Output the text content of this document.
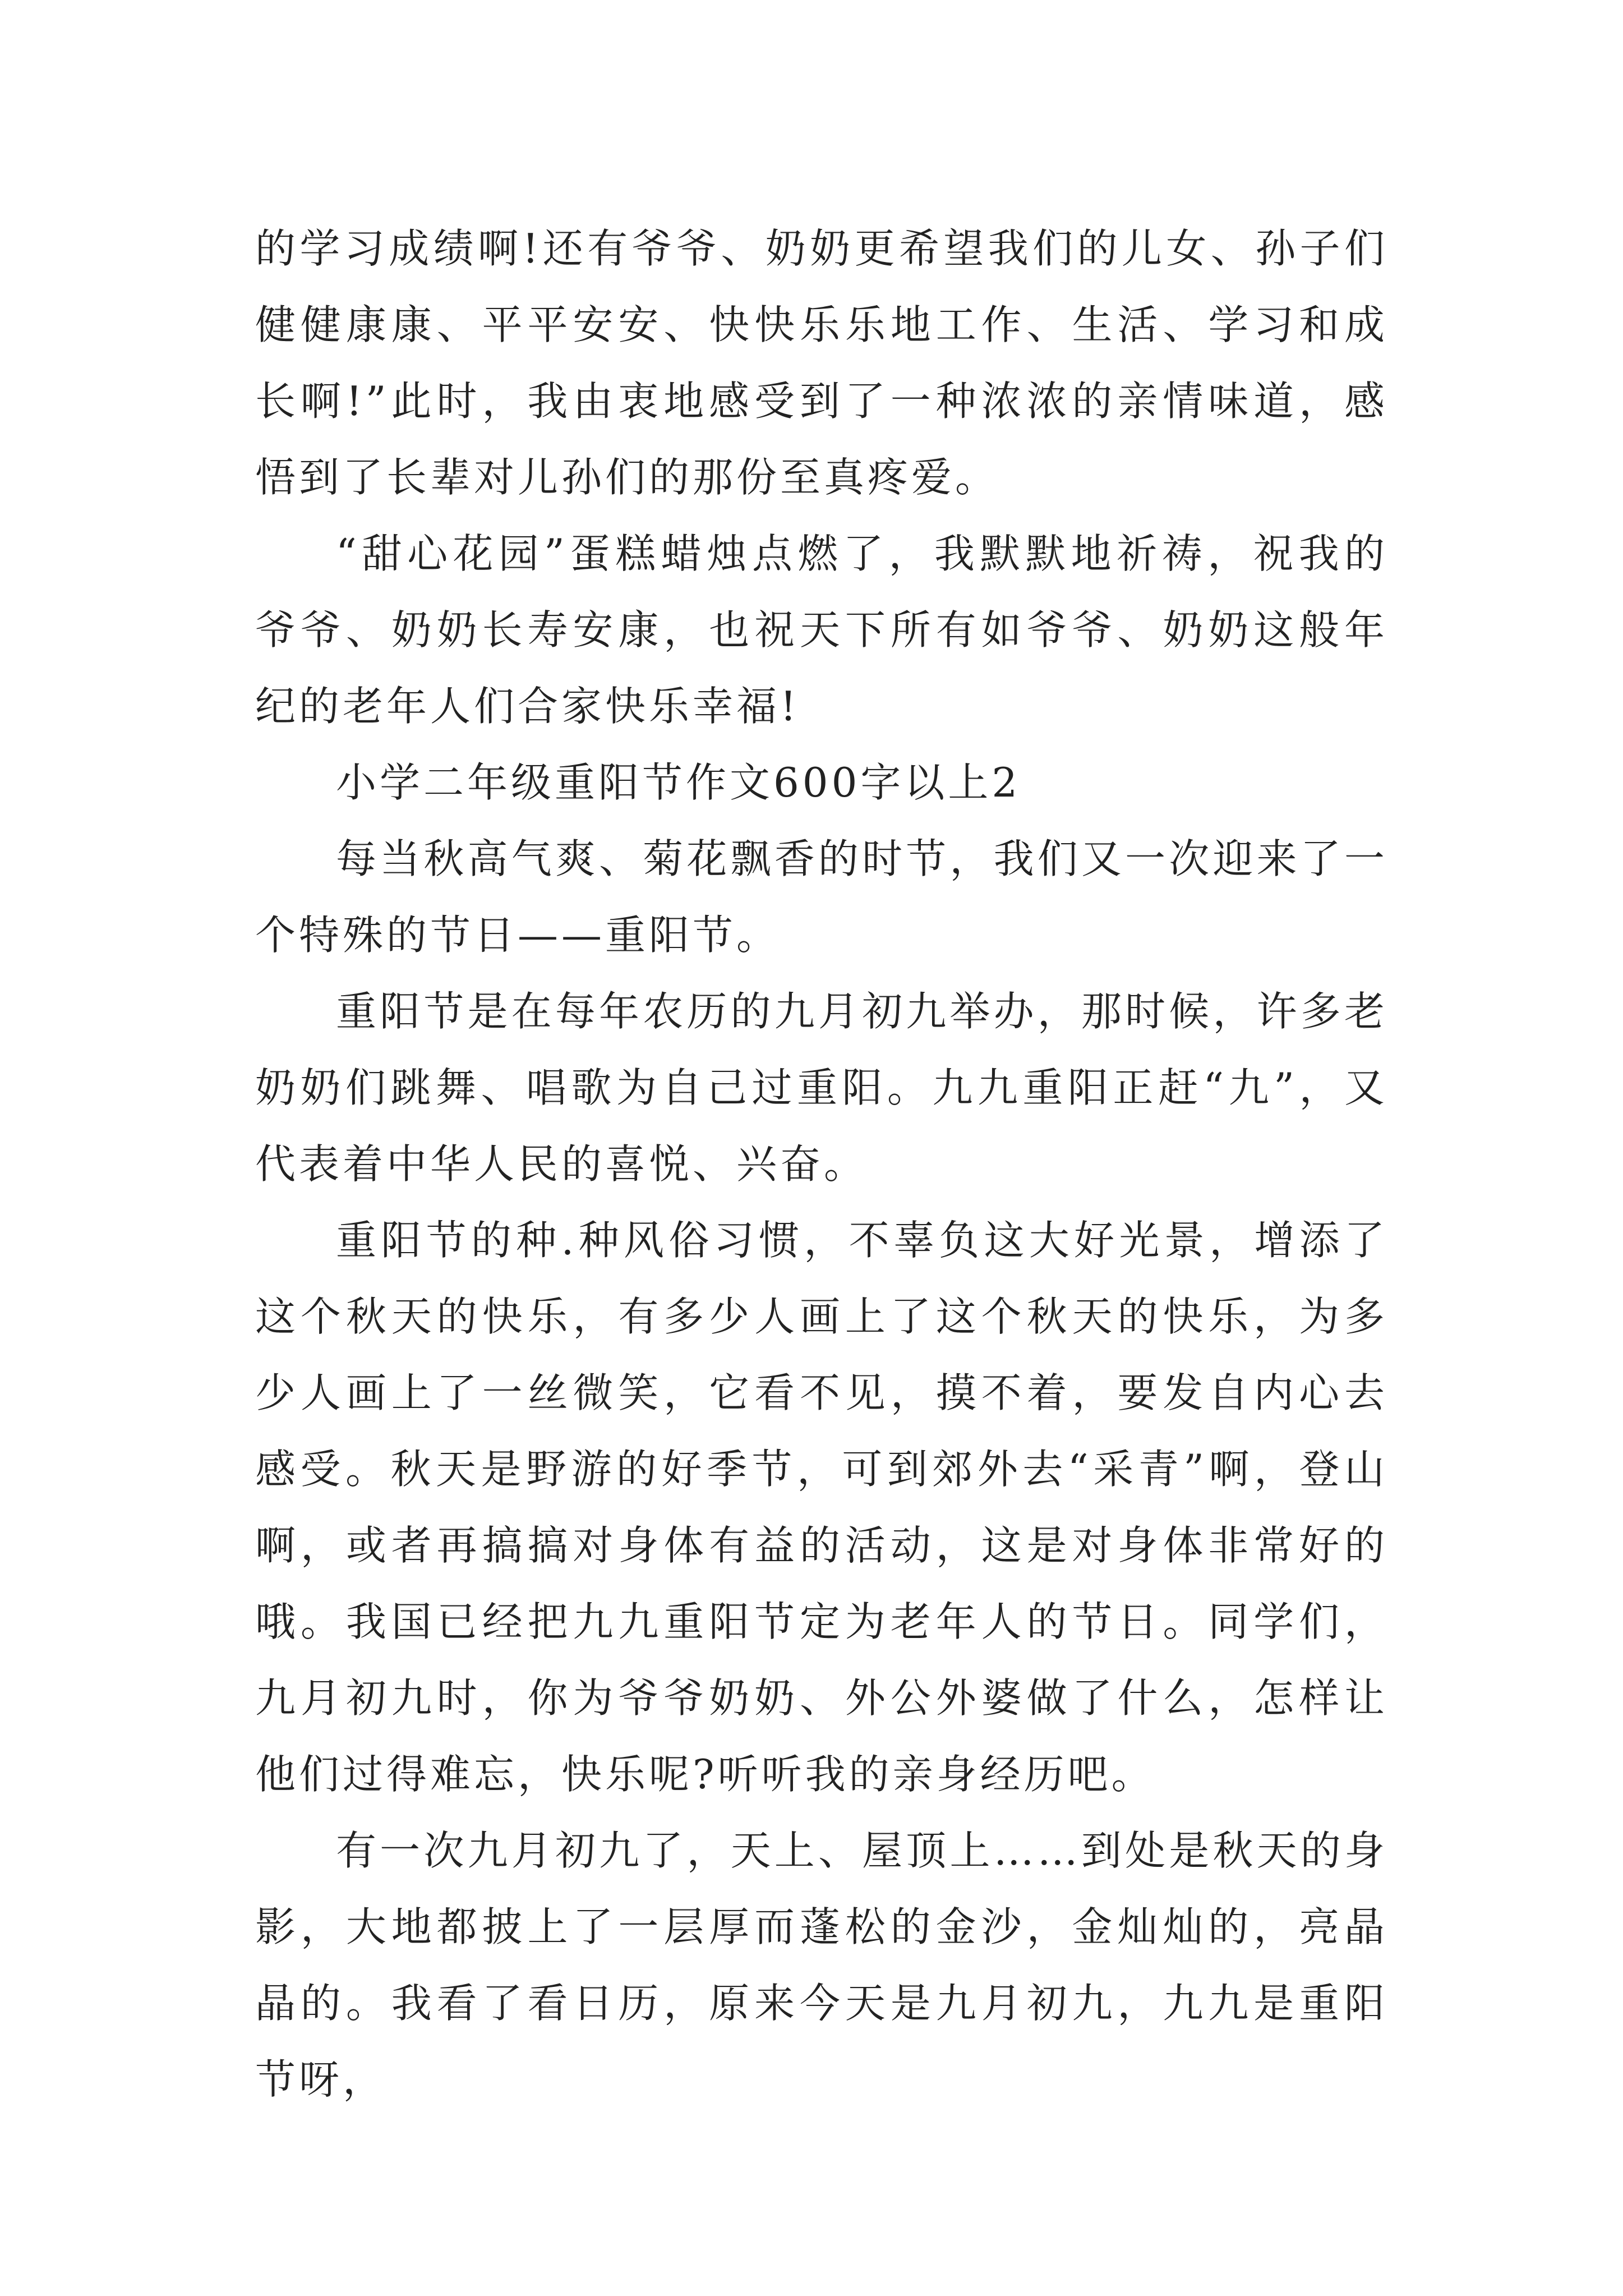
的学习成绩啊!还有爷爷、奶奶更希望我们的儿女、孙子们健健康康、平平安安、快快乐乐地工作、生活、学习和成长啊!”此时，我由衷地感受到了一种浓浓的亲情味道，感悟到了长辈对儿孙们的那份至真疼爱。

“甜心花园”蛋糕蜡烛点燃了，我默默地祈祷，祝我的爷爷、奶奶长寿安康，也祝天下所有如爷爷、奶奶这般年纪的老年人们合家快乐幸福!

小学二年级重阳节作文600字以上2

每当秋高气爽、菊花飘香的时节，我们又一次迎来了一个特殊的节日——重阳节。

重阳节是在每年农历的九月初九举办，那时候，许多老奶奶们跳舞、唱歌为自己过重阳。九九重阳正赶“九”，又代表着中华人民的喜悦、兴奋。

重阳节的种.种风俗习惯，不辜负这大好光景，增添了这个秋天的快乐，有多少人画上了这个秋天的快乐，为多少人画上了一丝微笑，它看不见，摸不着，要发自内心去感受。秋天是野游的好季节，可到郊外去“采青”啊，登山啊，或者再搞搞对身体有益的活动，这是对身体非常好的哦。我国已经把九九重阳节定为老年人的节日。同学们，九月初九时，你为爷爷奶奶、外公外婆做了什么，怎样让他们过得难忘，快乐呢?听听我的亲身经历吧。

有一次九月初九了，天上、屋顶上……到处是秋天的身影，大地都披上了一层厚而蓬松的金沙，金灿灿的，亮晶晶的。我看了看日历，原来今天是九月初九，九九是重阳节呀，
